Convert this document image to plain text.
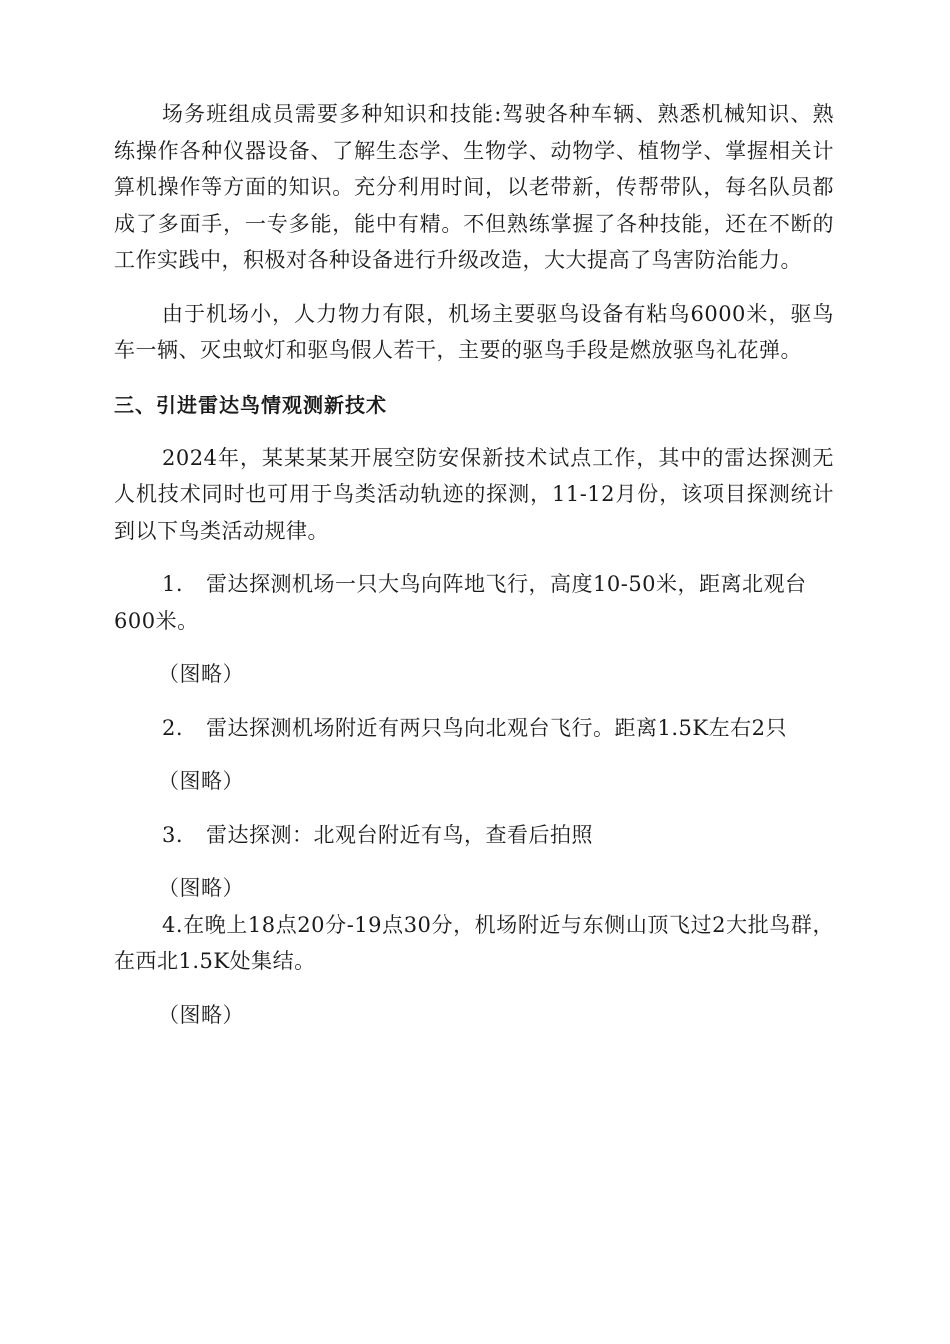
场务班组成员需要多种知识和技能:驾驶各种车辆、熟悉机械知识、熟练操作各种仪器设备、了解生态学、生物学、动物学、植物学、掌握相关计算机操作等方面的知识。充分利用时间，以老带新，传帮带队，每名队员都成了多面手，一专多能，能中有精。不但熟练掌握了各种技能，还在不断的工作实践中，积极对各种设备进行升级改造，大大提高了鸟害防治能力。

由于机场小，人力物力有限，机场主要驱鸟设备有粘鸟6000米，驱鸟车一辆、灭虫蚊灯和驱鸟假人若干，主要的驱鸟手段是燃放驱鸟礼花弹。

三、引进雷达鸟情观测新技术

2024年，某某某某开展空防安保新技术试点工作，其中的雷达探测无人机技术同时也可用于鸟类活动轨迹的探测，11-12月份，该项目探测统计到以下鸟类活动规律。

1. 雷达探测机场一只大鸟向阵地飞行，高度10-50米，距离北观台600米。

（图略）

2. 雷达探测机场附近有两只鸟向北观台飞行。距离1.5K左右2只

（图略）

3. 雷达探测：北观台附近有鸟，查看后拍照

（图略）

4.在晚上18点20分-19点30分，机场附近与东侧山顶飞过2大批鸟群，在西北1.5K处集结。

（图略）
